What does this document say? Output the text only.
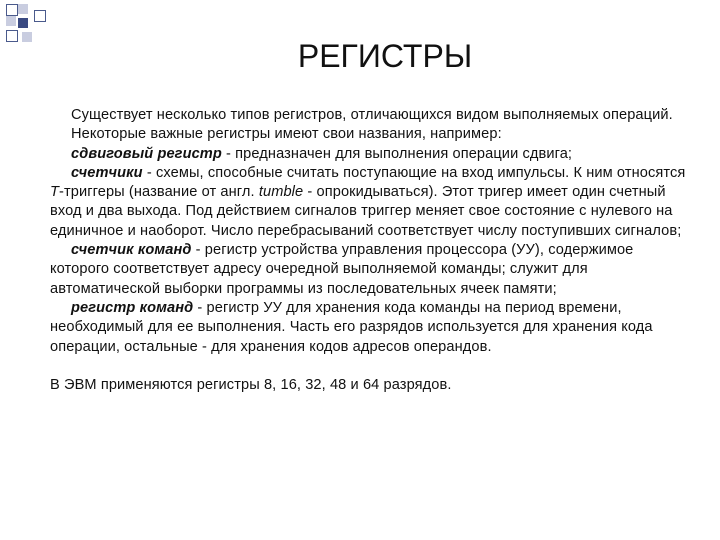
РЕГИСТРЫ

Существует несколько типов регистров, отличающихся видом выполняемых операций.

Некоторые важные регистры имеют свои названия, например:

сдвиговый регистр - предназначен для выполнения операции сдвига;

счетчики - схемы, способные считать поступающие на вход импульсы. К ним относятся Т-триггеры (название от англ. tumble - опрокидываться). Этот тригер имеет один счетный вход и два выхода. Под действием сигналов триггер меняет свое состояние с нулевого на единичное и наоборот. Число перебрасываний соответствует числу поступивших сигналов;

счетчик команд - регистр устройства управления процессора (УУ), содержимое которого соответствует адресу очередной выполняемой команды; служит для автоматической выборки программы из последовательных ячеек памяти;

регистр команд - регистр УУ для хранения кода команды на период времени, необходимый для ее выполнения. Часть его разрядов используется для хранения кода операции, остальные - для хранения кодов адресов операндов.

В ЭВМ применяются регистры 8, 16, 32, 48 и 64 разрядов.
